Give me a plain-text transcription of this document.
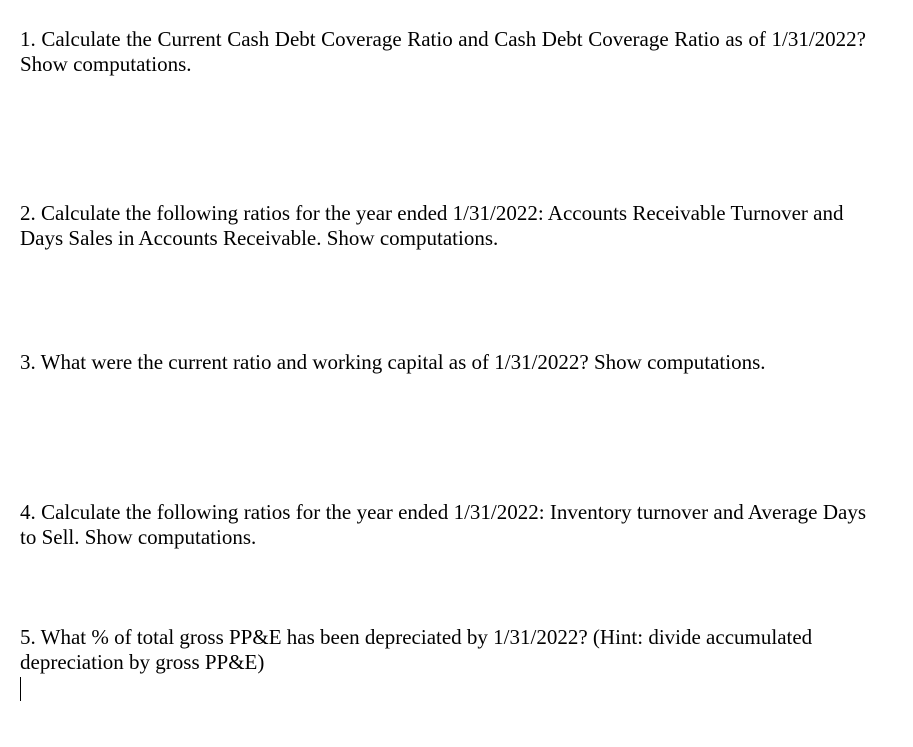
1. Calculate the Current Cash Debt Coverage Ratio and Cash Debt Coverage Ratio as of 1/31/2022? Show computations.

2. Calculate the following ratios for the year ended 1/31/2022: Accounts Receivable Turnover and Days Sales in Accounts Receivable. Show computations.

3. What were the current ratio and working capital as of 1/31/2022? Show computations.

4. Calculate the following ratios for the year ended 1/31/2022: Inventory turnover and Average Days to Sell. Show computations.

5. What % of total gross PP&E has been depreciated by 1/31/2022? (Hint: divide accumulated depreciation by gross PP&E)
